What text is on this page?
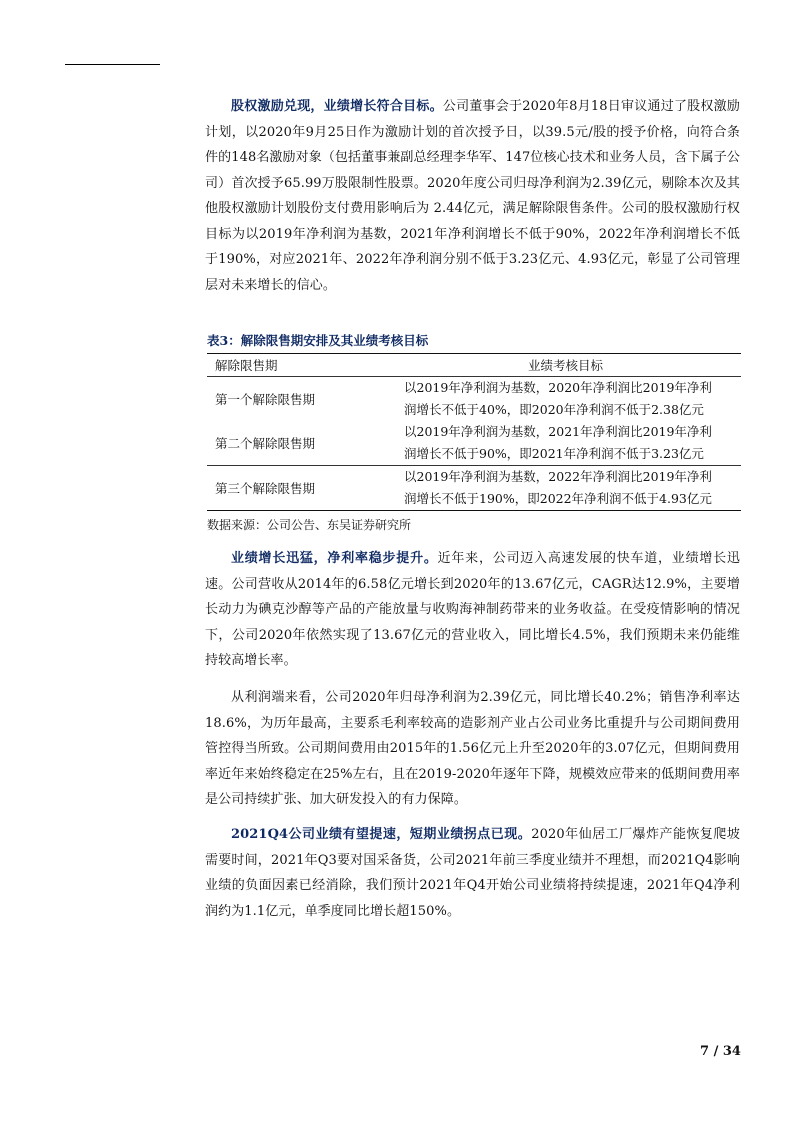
股权激励兑现，业绩增长符合目标。公司董事会于2020年8月18日审议通过了股权激励计划，以2020年9月25日作为激励计划的首次授予日，以39.5元/股的授予价格，向符合条件的148名激励对象（包括董事兼副总经理李华军、147位核心技术和业务人员，含下属子公司）首次授予65.99万股限制性股票。2020年度公司归母净利润为2.39亿元，剔除本次及其他股权激励计划股份支付费用影响后为 2.44亿元，满足解除限售条件。公司的股权激励行权目标为以2019年净利润为基数，2021年净利润增长不低于90%，2022年净利润增长不低于190%，对应2021年、2022年净利润分别不低于3.23亿元、4.93亿元，彰显了公司管理层对未来增长的信心。

表3：解除限售期安排及其业绩考核目标
解除限售期	业绩考核目标
第一个解除限售期	以2019年净利润为基数，2020年净利润比2019年净利
润增长不低于40%，即2020年净利润不低于2.38亿元

第二个解除限售期	以2019年净利润为基数，2021年净利润比2019年净利
润增长不低于90%，即2021年净利润不低于3.23亿元

第三个解除限售期	以2019年净利润为基数，2022年净利润比2019年净利
润增长不低于190%，即2022年净利润不低于4.93亿元
数据来源：公司公告、东吴证券研究所

业绩增长迅猛，净利率稳步提升。近年来，公司迈入高速发展的快车道，业绩增长迅速。公司营收从2014年的6.58亿元增长到2020年的13.67亿元，CAGR达12.9%，主要增长动力为碘克沙醇等产品的产能放量与收购海神制药带来的业务收益。在受疫情影响的情况下，公司2020年依然实现了13.67亿元的营业收入，同比增长4.5%，我们预期未来仍能维持较高增长率。

从利润端来看，公司2020年归母净利润为2.39亿元，同比增长40.2%；销售净利率达18.6%，为历年最高，主要系毛利率较高的造影剂产业占公司业务比重提升与公司期间费用管控得当所致。公司期间费用由2015年的1.56亿元上升至2020年的3.07亿元，但期间费用率近年来始终稳定在25%左右，且在2019-2020年逐年下降，规模效应带来的低期间费用率是公司持续扩张、加大研发投入的有力保障。

2021Q4公司业绩有望提速，短期业绩拐点已现。2020年仙居工厂爆炸产能恢复爬坡需要时间，2021年Q3要对国采备货，公司2021年前三季度业绩并不理想，而2021Q4影响业绩的负面因素已经消除，我们预计2021年Q4开始公司业绩将持续提速，2021年Q4净利润约为1.1亿元，单季度同比增长超150%。

7 / 34
